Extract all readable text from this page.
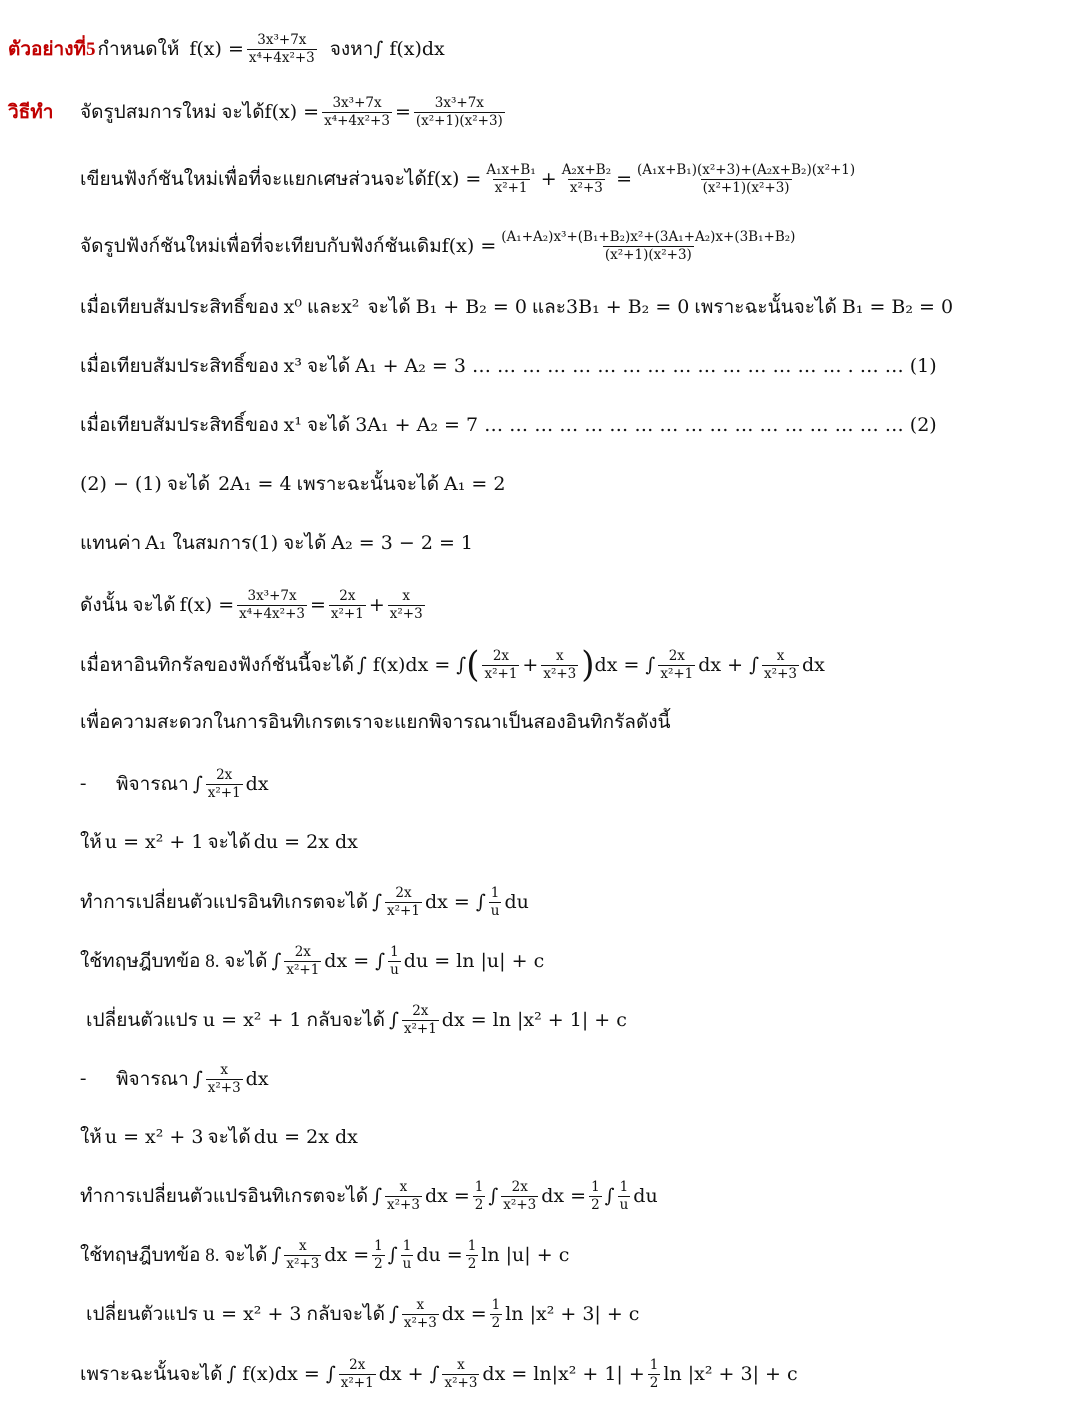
ตัวอย่างที่5 กำหนดให้ $f(x) = \frac{\text{3x³+7x}}{\text{x⁴+4x²+3}}$ จงหา ∫ f(x)dx
วิธีทำ	จัดรูปสมการใหม่ จะได้ $f(x) = \frac{\text{3x³+7x}}{\text{x⁴+4x²+3}} = \frac{\text{3x³+7x}}{\text{(x²+1)(x²+3)}}$
เขียนฟังก์ชันใหม่เพื่อที่จะแยกเศษส่วนจะได้ $f(x) = \frac{\text{A₁x+B₁}}{\text{x²+1}} + \frac{\text{A₂x+B₂}}{\text{x²+3}} = \frac{\text{(A₁x+B₁)(x²+3)+(A₂x+B₂)(x²+1)}}{\text{(x²+1)(x²+3)}}$
จัดรูปฟังก์ชันใหม่เพื่อที่จะเทียบกับฟังก์ชันเดิม $f(x) = \frac{\text{(A₁+A₂)x³+(B₁+B₂)x²+(3A₁+A₂)x+(3B₁+B₂)}}{\text{(x²+1)(x²+3)}}$
เมื่อเทียบสัมประสิทธิ์ของ x⁰ และ x² จะได้ B₁ + B₂ = 0 และ 3B₁ + B₂ = 0 เพราะฉะนั้นจะได้ B₁ = B₂ = 0
เมื่อเทียบสัมประสิทธิ์ของ x³ จะได้ A₁ + A₂ = 3 … … … … … … … … … … … … … … … . … … (1)
เมื่อเทียบสัมประสิทธิ์ของ x¹ จะได้ 3A₁ + A₂ = 7 … … … … … … … … … … … … … … … … … (2)
(2) − (1) จะได้ 2A₁ = 4 เพราะฉะนั้นจะได้ A₁ = 2
แทนค่า A₁ ในสมการ (1) จะได้ A₂ = 3 − 2 = 1
ดังนั้น จะได้ $f(x) = \frac{\text{3x³+7x}}{\text{x⁴+4x²+3}} = \frac{2x}{\text{x²+1}} + \frac{x}{\text{x²+3}}$
เมื่อหาอินทิกรัลของฟังก์ชันนี้จะได้ ∫ f(x)dx = ∫ ( 2x
$x^2+1 + \frac{x}{\text{x²+3}}$ ) dx = ∫ 2x
x²+1 dx + ∫ x
x²+3 dx
เพื่อความสะดวกในการอินทิเกรตเราจะแยกพิจารณาเป็นสองอินทิกรัลดังนี้
-	พิจารณา ∫ 2x
x²+1 dx
ให้ u = x² + 1 จะได้ du = 2x dx
ทำการเปลี่ยนตัวแปรอินทิเกรตจะได้ ∫ 2x
x²+1 dx = ∫ 1
u du
ใช้ทฤษฎีบทข้อ 8. จะได้ ∫ 2x
x²+1 dx = ∫ 1
u du = ln |u| + c
เปลี่ยนตัวแปร u = x² + 1 กลับจะได้ ∫ 2x
x²+1 dx = ln |x² + 1| + c
-	พิจารณา ∫ x
x²+3 dx
ให้ u = x² + 3 จะได้ du = 2x dx
ทำการเปลี่ยนตัวแปรอินทิเกรตจะได้ ∫ x
x²+3 dx = $\frac{1}{2}$ ∫ 2x
x²+3 dx = $\frac{1}{2}$ ∫ 1
u du
ใช้ทฤษฎีบทข้อ 8. จะได้ ∫ x
x²+3 dx = $\frac{1}{2}$ ∫ 1
u du = $\frac{1}{2}$ ln |u| + c
เปลี่ยนตัวแปร u = x² + 3 กลับจะได้ ∫ x
x²+3 dx = $\frac{1}{2}$ ln |x² + 3| + c
เพราะฉะนั้นจะได้ ∫ f(x)dx = ∫ 2x
x²+1 dx + ∫ x
x²+3 dx = $\ln|x^2 + 1| + \frac{1}{2}$ ln |x² + 3| + c
